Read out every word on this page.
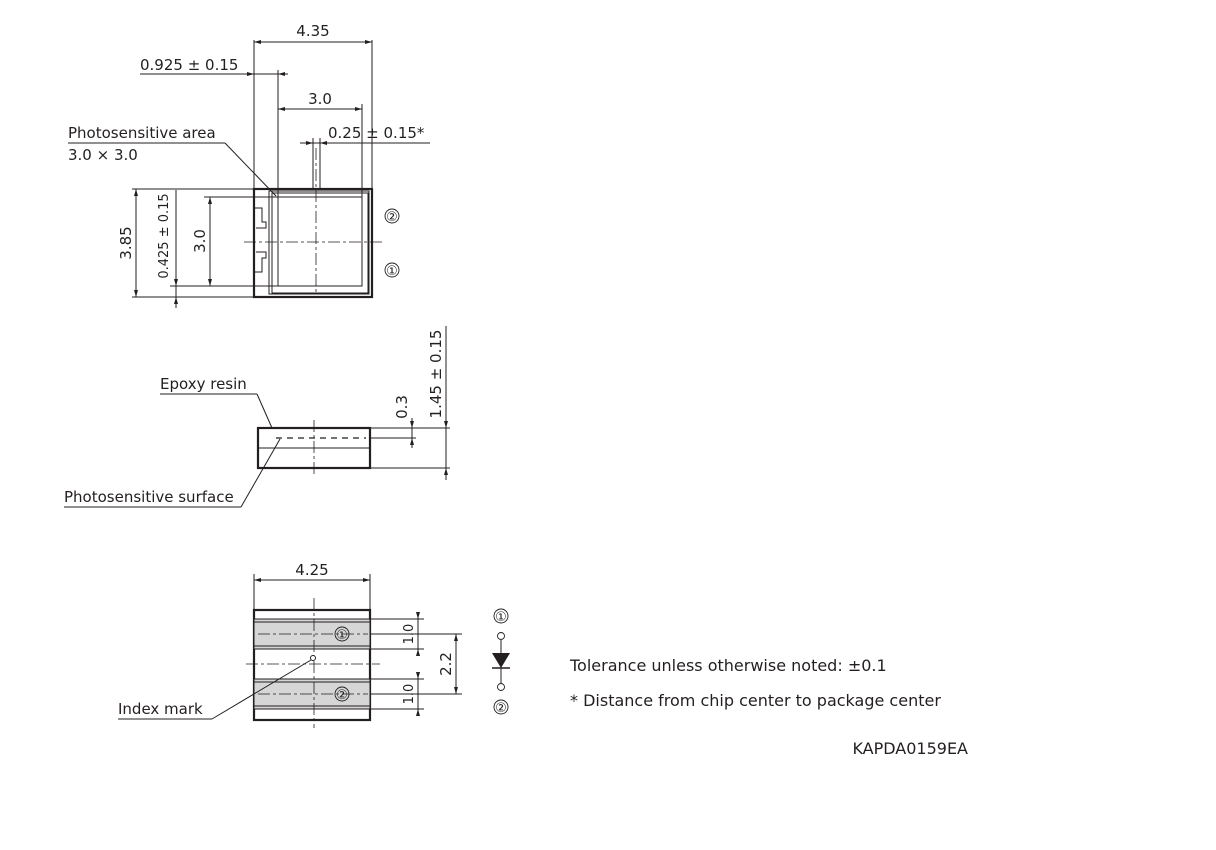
4.35
0.925 ± 0.15
3.0
0.25 ± 0.15*
Photosensitive area
3.0 × 3.0
3.85	3.0
0.425 ± 0.15	②
①
0.3 1.45 ± 0.15
Epoxy resin
Photosensitive surface
①
②
4.25
1.0
1.0
2.2
Index mark
①
②
Tolerance unless otherwise noted: ±0.1
* Distance from chip center to package center
KAPDA0159EA
